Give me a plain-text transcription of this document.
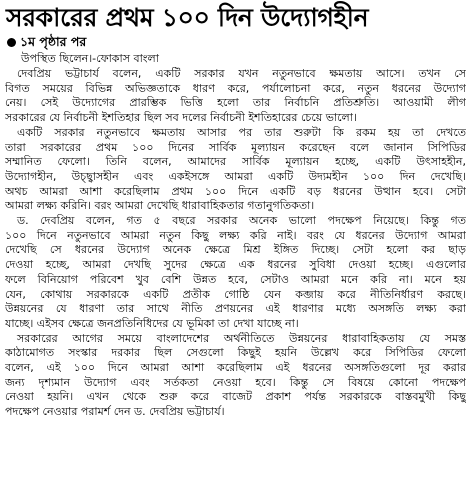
সরকারের প্রথম ১০০ দিন উদ্যোগহীন
১ম পৃষ্ঠার পর
উপস্থিত ছিলেন।-ফোকাস বাংলা
দেবপ্রিয় ভট্টাচার্য বলেন, একটি সরকার যখন নতুনভাবে ক্ষমতায় আসে। তখন সে
বিগত সময়ের বিভিন্ন অভিজ্ঞতাকে ধারণ করে, পর্যালোচনা করে, নতুন ধরনের উদ্যোগ
নেয়। সেই উদ্যোগের প্রারম্ভিক ভিত্তি হলো তার নির্বাচনি প্রতিশ্রুতি। আওয়ামী লীগ
সরকারের যে নির্বাচনী ইশতিহার ছিল সব দলের নির্বাচনী ইশতিহারের চেয়ে ভালো।
একটি সরকার নতুনভাবে ক্ষমতায় আসার পর তার শুরুটা কি রকম হয় তা দেখতে
তারা সরকারের প্রথম ১০০ দিনের সার্বিক মূল্যায়ন করেছেন বলে জানান সিপিডির
সম্মানিত ফেলো। তিনি বলেন, আমাদের সার্বিক মূল্যায়ন হচ্ছে, একটি উৎসাহহীন,
উদ্যোগহীন, উচ্ছ্বাসহীন এবং একইসঙ্গে আমরা একটি উদ্যমহীন ১০০ দিন দেখেছি।
অথচ আমরা আশা করেছিলাম প্রথম ১০০ দিনে একটি বড় ধরনের উত্থান হবে। সেটা
আমরা লক্ষ্য করিনি। বরং আমরা দেখেছি ধারাবাহিকতার গতানুগতিকতা।
ড. দেবপ্রিয় বলেন, গত ৫ বছরে সরকার অনেক ভালো পদক্ষেপ নিয়েছে। কিন্তু গত
১০০ দিনে নতুনভাবে আমরা নতুন কিছু লক্ষ্য করি নাই। বরং যে ধরনের উদ্যোগ আমরা
দেখেছি সে ধরনের উদ্যোগ অনেক ক্ষেত্রে মিশ্র ইঙ্গিত দিচ্ছে। সেটা হলো কর ছাড়
দেওয়া হচ্ছে, আমরা দেখছি সুদের ক্ষেত্রে এক ধরনের সুবিধা দেওয়া হচ্ছে। এগুলোর
ফলে বিনিয়োগ পরিবেশ খুব বেশি উন্নত হবে, সেটাও আমরা মনে করি না। মনে হয়
যেন, কোথায় সরকারকে একটি প্রতীক গোষ্ঠি যেন কব্জায় করে নীতিনির্ধারণ করছে।
উন্নয়নের যে ধারণা তার সাথে নীতি প্রণয়নের এই ধারণার মধ্যে অসঙ্গতি লক্ষ্য করা
যাচ্ছে। এইসব ক্ষেত্রে জনপ্রতিনিধিদের যে ভূমিকা তা দেখা যাচ্ছে না।
সরকারের আগের সময়ে বাংলাদেশের অর্থনীতিতে উন্নয়নের ধারাবাহিকতায় যে সমস্ত
কাঠামোগত সংস্কার দরকার ছিল সেগুলো কিছুই হয়নি উল্লেখ করে সিপিডির ফেলো
বলেন, এই ১০০ দিনে আমরা আশা করেছিলাম এই ধরনের অসঙ্গতিগুলো দূর করার
জন্য দৃশ্যমান উদ্যোগ এবং সর্তকতা নেওয়া হবে। কিন্তু সে বিষয়ে কোনো পদক্ষেপ
নেওয়া হয়নি। এখন থেকে শুরু করে বাজেট প্রকাশ পর্যন্ত সরকারকে বাস্তবমুখী কিছু
পদক্ষেপ নেওয়ার পরামর্শ দেন ড. দেবপ্রিয় ভট্টাচার্য।
